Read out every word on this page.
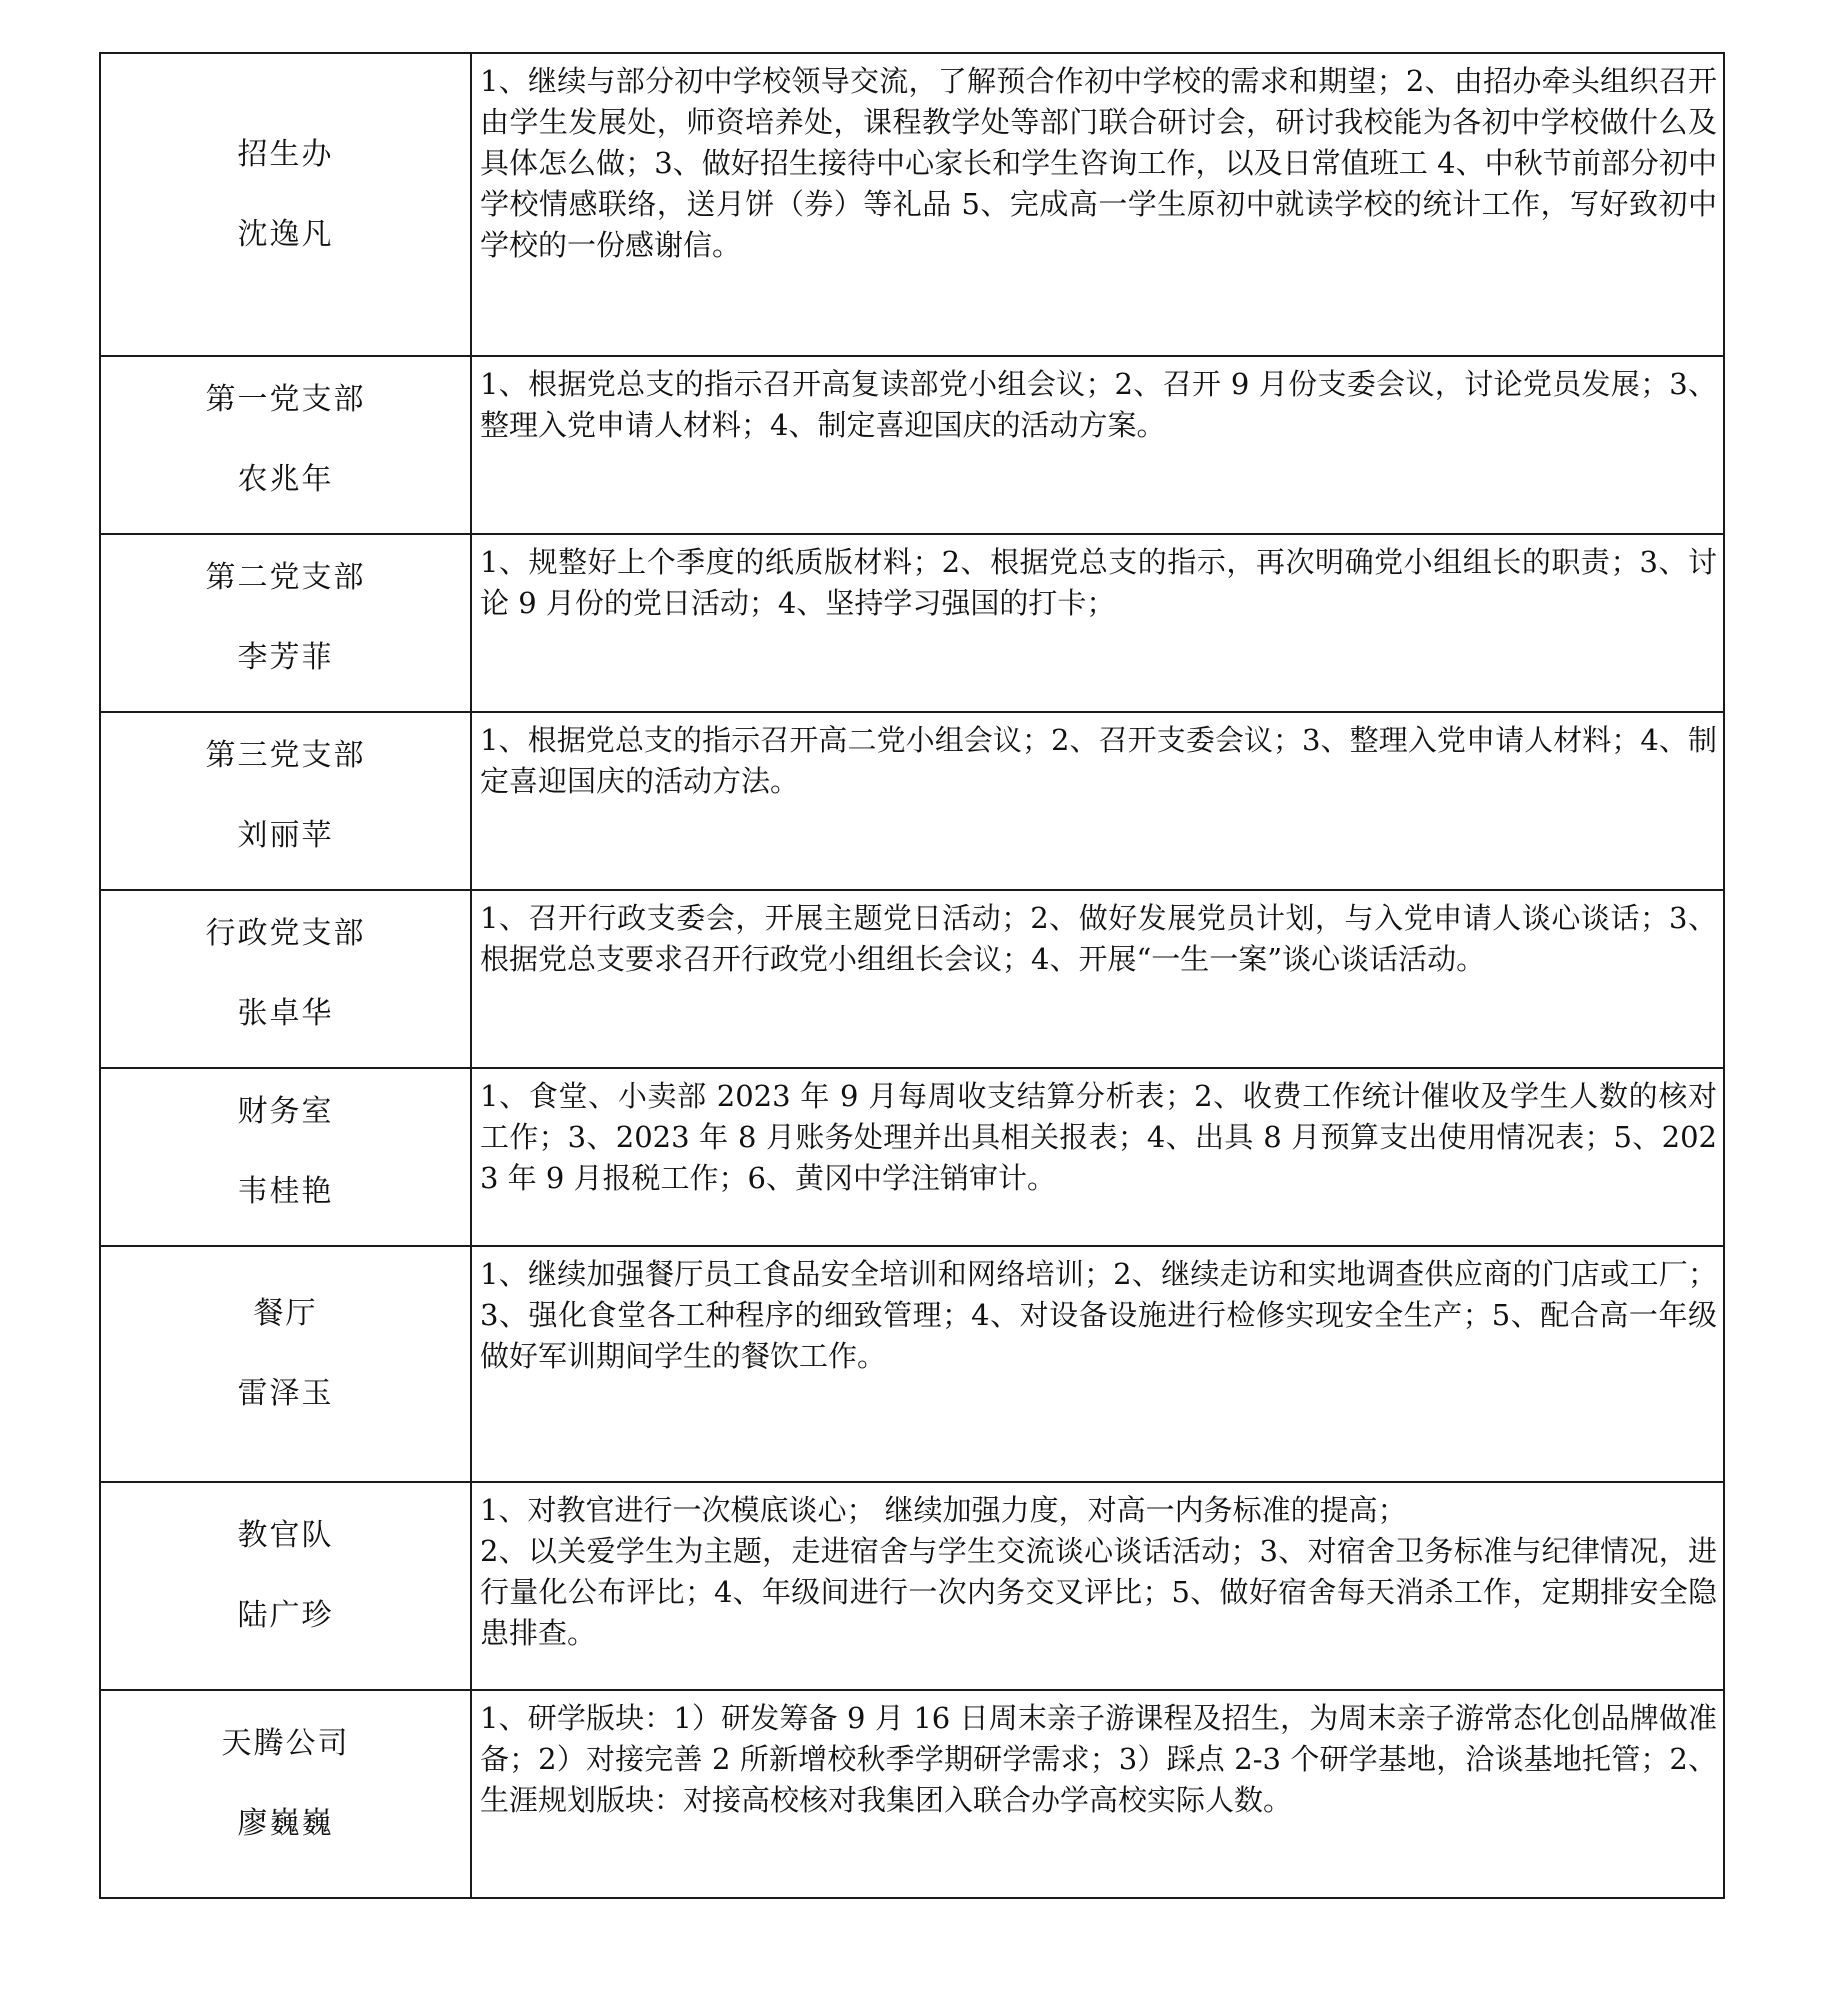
招生办
沈逸凡	1、继续与部分初中学校领导交流，了解预合作初中学校的需求和期望；2、由招办牵头组织召开由学生发展处，师资培养处，课程教学处等部门联合研讨会，研讨我校能为各初中学校做什么及具体怎么做；3、做好招生接待中心家长和学生咨询工作，以及日常值班工 4、中秋节前部分初中学校情感联络，送月饼（券）等礼品 5、完成高一学生原初中就读学校的统计工作，写好致初中学校的一份感谢信。

第一党支部
农兆年	1、根据党总支的指示召开高复读部党小组会议；2、召开 9 月份支委会议，讨论党员发展；3、整理入党申请人材料；4、制定喜迎国庆的活动方案。

第二党支部
李芳菲	1、规整好上个季度的纸质版材料；2、根据党总支的指示，再次明确党小组组长的职责；3、讨论 9 月份的党日活动；4、坚持学习强国的打卡；

第三党支部
刘丽苹	1、根据党总支的指示召开高二党小组会议；2、召开支委会议；3、整理入党申请人材料；4、制定喜迎国庆的活动方法。

行政党支部
张卓华	1、召开行政支委会，开展主题党日活动；2、做好发展党员计划，与入党申请人谈心谈话；3、根据党总支要求召开行政党小组组长会议；4、开展“一生一案”谈心谈话活动。

财务室
韦桂艳	1、食堂、小卖部 2023 年 9 月每周收支结算分析表；2、收费工作统计催收及学生人数的核对工作；3、2023 年 8 月账务处理并出具相关报表；4、出具 8 月预算支出使用情况表；5、2023 年 9 月报税工作；6、黄冈中学注销审计。

餐厅
雷泽玉	1、继续加强餐厅员工食品安全培训和网络培训；2、继续走访和实地调查供应商的门店或工厂；3、强化食堂各工种程序的细致管理；4、对设备设施进行检修实现安全生产；5、配合高一年级做好军训期间学生的餐饮工作。

教官队
陆广珍	1、对教官进行一次模底谈心； 继续加强力度，对高一内务标准的提高；
2、以关爱学生为主题，走进宿舍与学生交流谈心谈话活动；3、对宿舍卫务标准与纪律情况，进行量化公布评比；4、年级间进行一次内务交叉评比；5、做好宿舍每天消杀工作，定期排安全隐患排查。

天腾公司
廖巍巍	1、研学版块：1）研发筹备 9 月 16 日周末亲子游课程及招生，为周末亲子游常态化创品牌做准备；2）对接完善 2 所新增校秋季学期研学需求；3）踩点 2-3 个研学基地，洽谈基地托管；2、生涯规划版块：对接高校核对我集团入联合办学高校实际人数。
